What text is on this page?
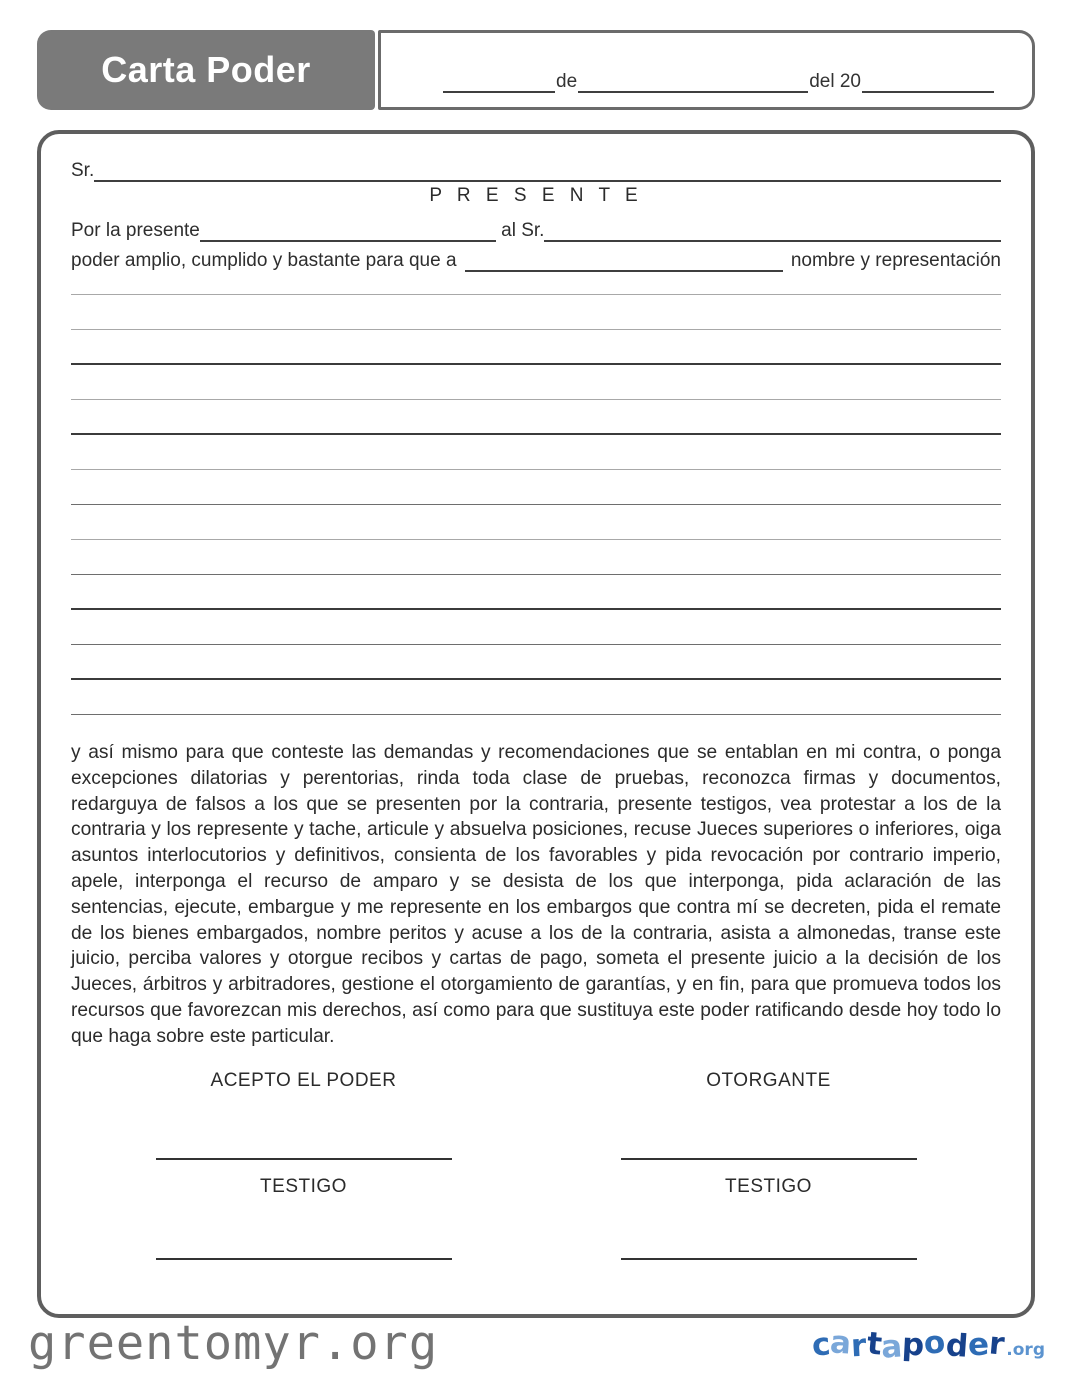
Carta Poder	de	del 20
Sr.
P R E S E N T E
Por la presente	al Sr.
poder amplio, cumplido y bastante para que a	nombre y representación
y así mismo para que conteste las demandas y recomendaciones que se entablan en mi contra, o ponga excepciones dilatorias y perentorias, rinda toda clase de pruebas, reconozca firmas y documentos, redarguya de falsos a los que se presenten por la contraria, presente testigos, vea protestar a los de la contraria y los represente y tache, articule y absuelva posiciones, recuse Jueces superiores o inferiores, oiga asuntos interlocutorios y definitivos, consienta de los favorables y pida revocación por contrario imperio, apele, interponga el recurso de amparo y se desista de los que interponga, pida aclaración de las sentencias, ejecute, embargue y me represente en los embargos que contra mí se decreten, pida el remate de los bienes embargados, nombre peritos y acuse a los de la contraria, asista a almonedas, transe este juicio, perciba valores y otorgue recibos y cartas de pago, someta el presente juicio a la decisión de los Jueces, árbitros y arbitradores, gestione el otorgamiento de garantías, y en fin, para que promueva todos los recursos que favorezcan mis derechos, así como para que sustituya este poder ratificando desde hoy todo lo que haga sobre este particular.
ACEPTO EL PODER
TESTIGO
OTORGANTE
TESTIGO
greentomyr.org	cartapoder.org
